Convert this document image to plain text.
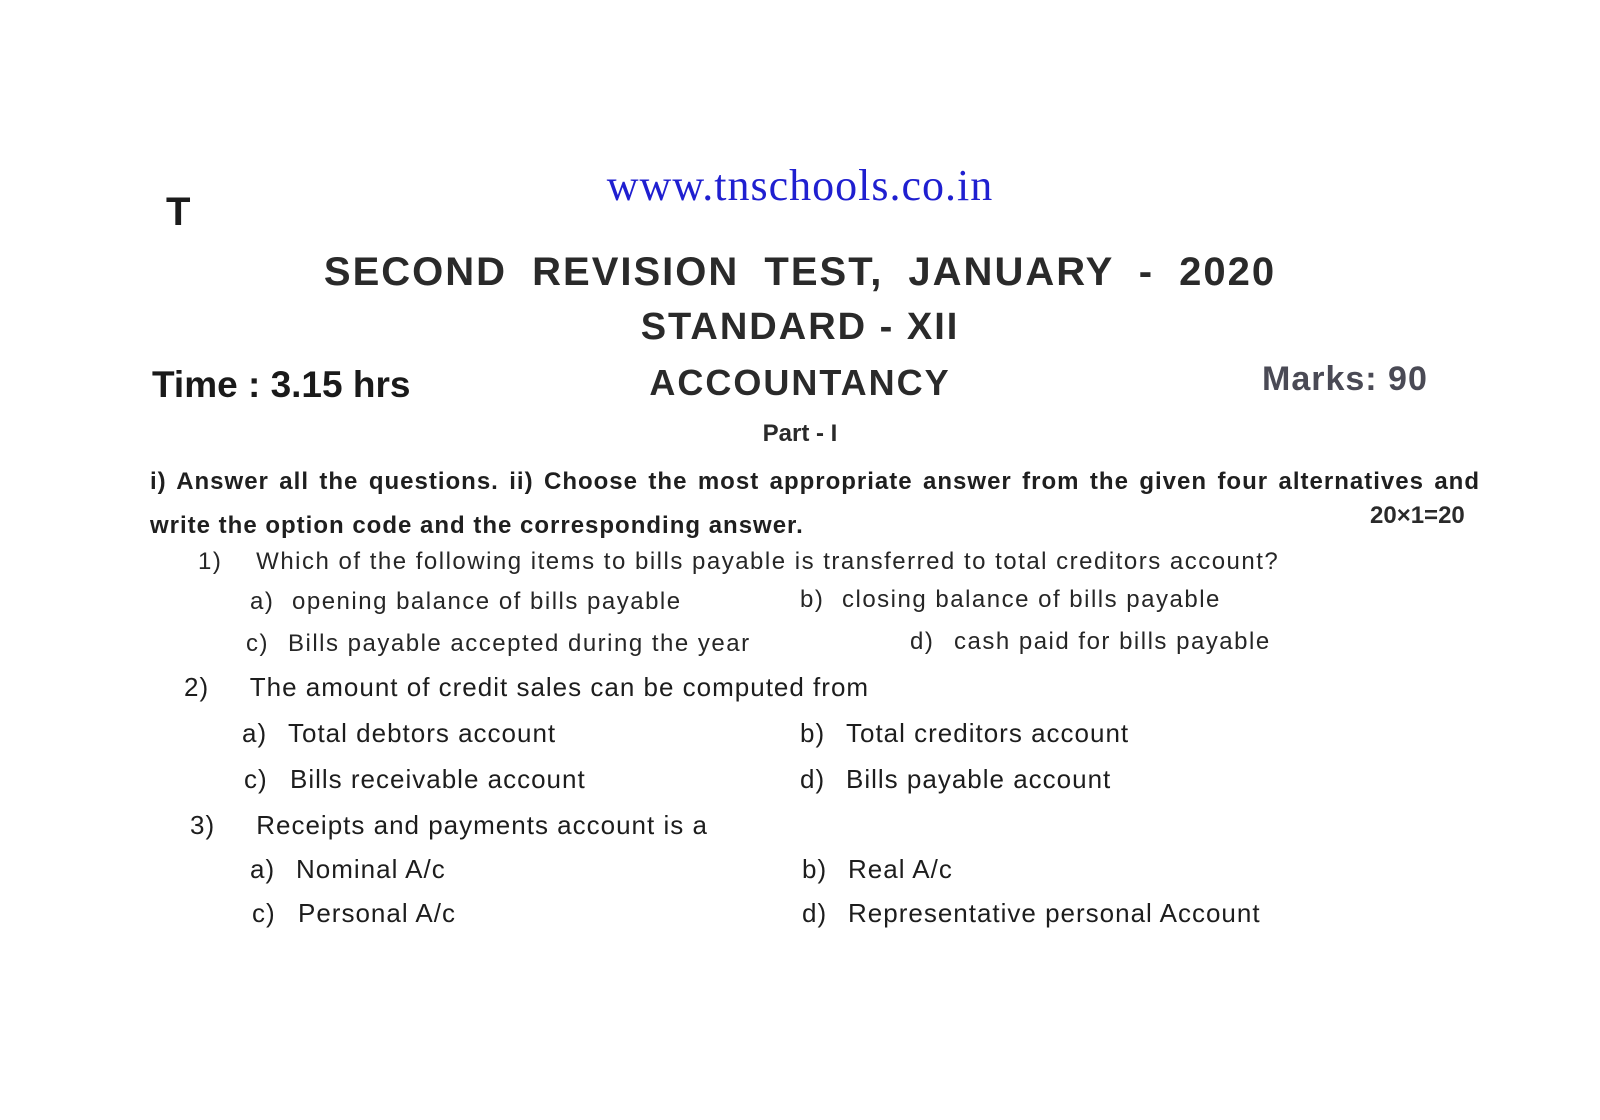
www.tnschools.co.in
T
SECOND REVISION TEST, JANUARY - 2020
STANDARD - XII
Time : 3.15 hrs	ACCOUNTANCY	Marks: 90
Part - I
i) Answer all the questions. ii) Choose the most appropriate answer from the given four alternatives and write the option code and the corresponding answer.	20×1=20
1) Which of the following items to bills payable is transferred to total creditors account?
a) opening balance of bills payable	b) closing balance of bills payable
c) Bills payable accepted during the year	d) cash paid for bills payable
2) The amount of credit sales can be computed from
a) Total debtors account	b) Total creditors account
c) Bills receivable account	d) Bills payable account
3) Receipts and payments account is a
a) Nominal A/c	b) Real A/c
c) Personal A/c	d) Representative personal Account
